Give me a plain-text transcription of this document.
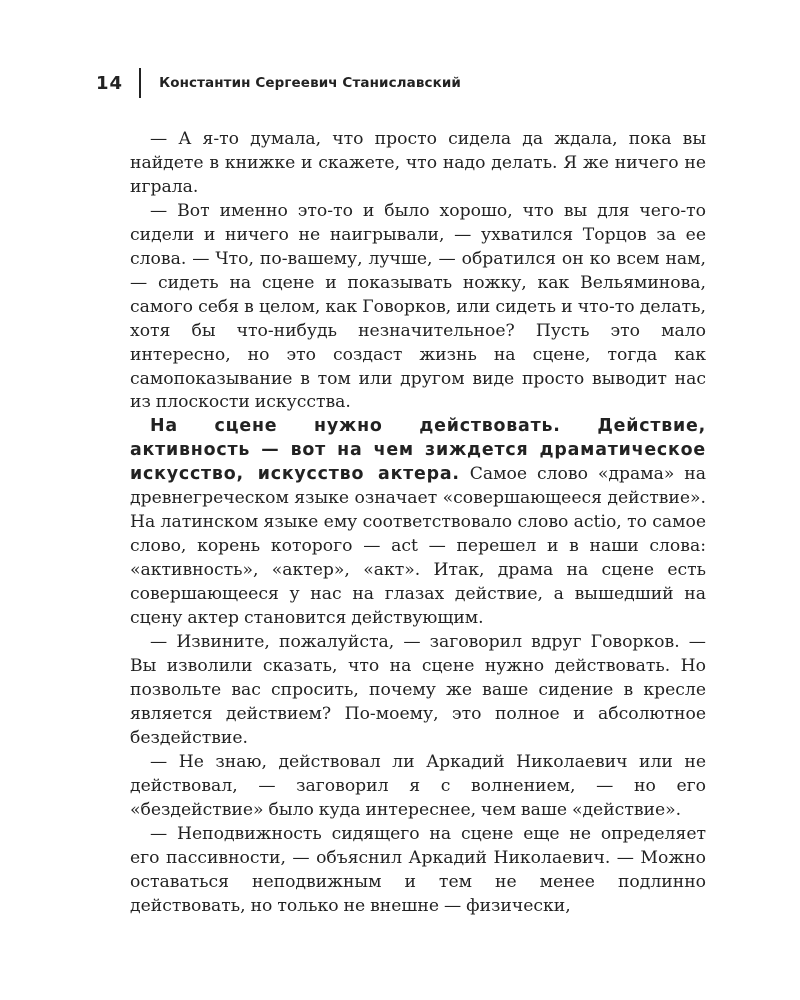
14	Константин Сергеевич Станиславский

— А я-то думала, что просто сидела да ждала, пока вы найдете в книжке и скажете, что надо делать. Я же ничего не играла.

— Вот именно это-то и было хорошо, что вы для чего-то сидели и ничего не наигрывали, — ухватился Торцов за ее слова. — Что, по-вашему, лучше, — обратился он ко всем нам, — сидеть на сцене и показывать ножку, как Вельяминова, самого себя в целом, как Говорков, или сидеть и что-то делать, хотя бы что-нибудь незначительное? Пусть это мало интересно, но это создаст жизнь на сцене, тогда как самопоказывание в том или другом виде просто выводит нас из плоскости искусства.

На сцене нужно действовать. Действие, активность — вот на чем зиждется драматическое искусство, искусство актера. Самое слово «драма» на древнегреческом языке означает «совершающееся действие». На латинском языке ему соответствовало слово actio, то самое слово, корень которого — act — перешел и в наши слова: «активность», «актер», «акт». Итак, драма на сцене есть совершающееся у нас на глазах действие, а вышедший на сцену актер становится действующим.

— Извините, пожалуйста, — заговорил вдруг Говорков. — Вы изволили сказать, что на сцене нужно действовать. Но позвольте вас спросить, почему же ваше сидение в кресле является действием? По-моему, это полное и абсолютное бездействие.

— Не знаю, действовал ли Аркадий Николаевич или не действовал, — заговорил я с волнением, — но его «бездействие» было куда интереснее, чем ваше «действие».

— Неподвижность сидящего на сцене еще не определяет его пассивности, — объяснил Аркадий Николаевич. — Можно оставаться неподвижным и тем не менее подлинно действовать, но только не внешне — физически,
